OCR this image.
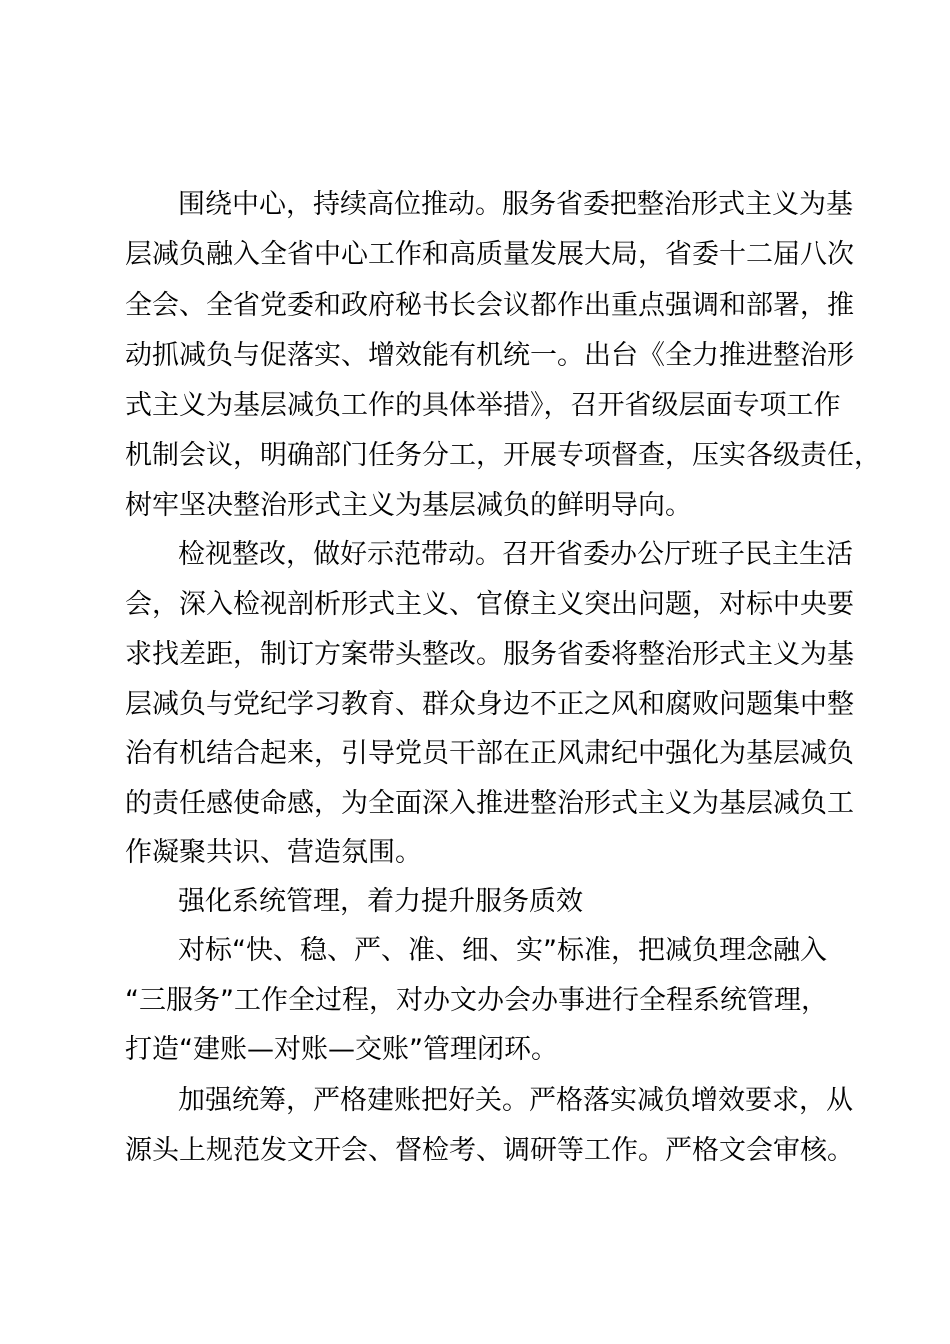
围绕中心，持续高位推动。服务省委把整治形式主义为基
层减负融入全省中心工作和高质量发展大局，省委十二届八次
全会、全省党委和政府秘书长会议都作出重点强调和部署，推
动抓减负与促落实、增效能有机统一。出台《全力推进整治形
式主义为基层减负工作的具体举措》，召开省级层面专项工作
机制会议，明确部门任务分工，开展专项督查，压实各级责任，
树牢坚决整治形式主义为基层减负的鲜明导向。
检视整改，做好示范带动。召开省委办公厅班子民主生活
会，深入检视剖析形式主义、官僚主义突出问题，对标中央要
求找差距，制订方案带头整改。服务省委将整治形式主义为基
层减负与党纪学习教育、群众身边不正之风和腐败问题集中整
治有机结合起来，引导党员干部在正风肃纪中强化为基层减负
的责任感使命感，为全面深入推进整治形式主义为基层减负工
作凝聚共识、营造氛围。
强化系统管理，着力提升服务质效
对标“快、稳、严、准、细、实”标准，把减负理念融入
“三服务”工作全过程，对办文办会办事进行全程系统管理，
打造“建账—对账—交账”管理闭环。
加强统筹，严格建账把好关。严格落实减负增效要求，从
源头上规范发文开会、督检考、调研等工作。严格文会审核。
